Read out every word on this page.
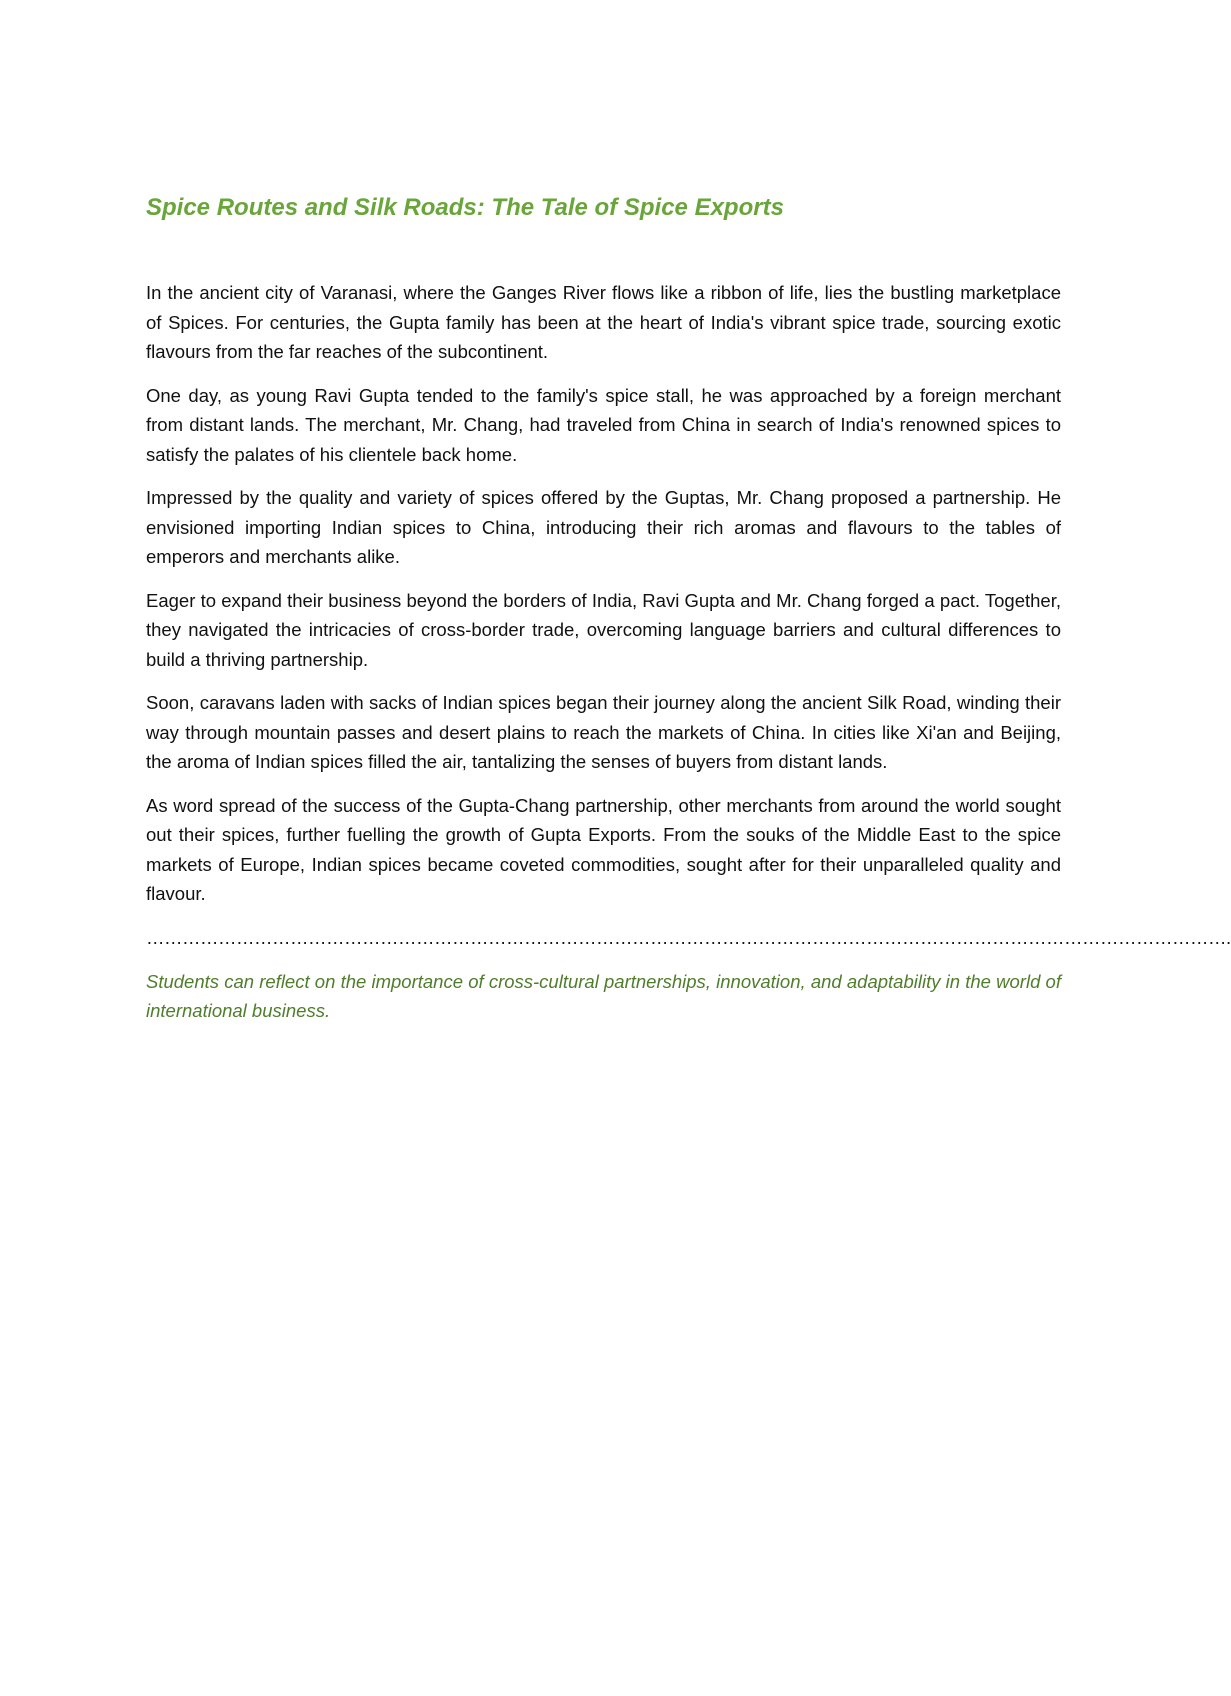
Spice Routes and Silk Roads: The Tale of Spice Exports

In the ancient city of Varanasi, where the Ganges River flows like a ribbon of life, lies the bustling marketplace of Spices. For centuries, the Gupta family has been at the heart of India's vibrant spice trade, sourcing exotic flavours from the far reaches of the subcontinent.

One day, as young Ravi Gupta tended to the family's spice stall, he was approached by a foreign merchant from distant lands. The merchant, Mr. Chang, had traveled from China in search of India's renowned spices to satisfy the palates of his clientele back home.

Impressed by the quality and variety of spices offered by the Guptas, Mr. Chang proposed a partnership. He envisioned importing Indian spices to China, introducing their rich aromas and flavours to the tables of emperors and merchants alike.

Eager to expand their business beyond the borders of India, Ravi Gupta and Mr. Chang forged a pact. Together, they navigated the intricacies of cross-border trade, overcoming language barriers and cultural differences to build a thriving partnership.

Soon, caravans laden with sacks of Indian spices began their journey along the ancient Silk Road, winding their way through mountain passes and desert plains to reach the markets of China. In cities like Xi'an and Beijing, the aroma of Indian spices filled the air, tantalizing the senses of buyers from distant lands.

As word spread of the success of the Gupta-Chang partnership, other merchants from around the world sought out their spices, further fuelling the growth of Gupta Exports. From the souks of the Middle East to the spice markets of Europe, Indian spices became coveted commodities, sought after for their unparalleled quality and flavour.

……………………………………………………………………………………………………………………………………………………………….

Students can reflect on the importance of cross-cultural partnerships, innovation, and adaptability in the world of international business.
